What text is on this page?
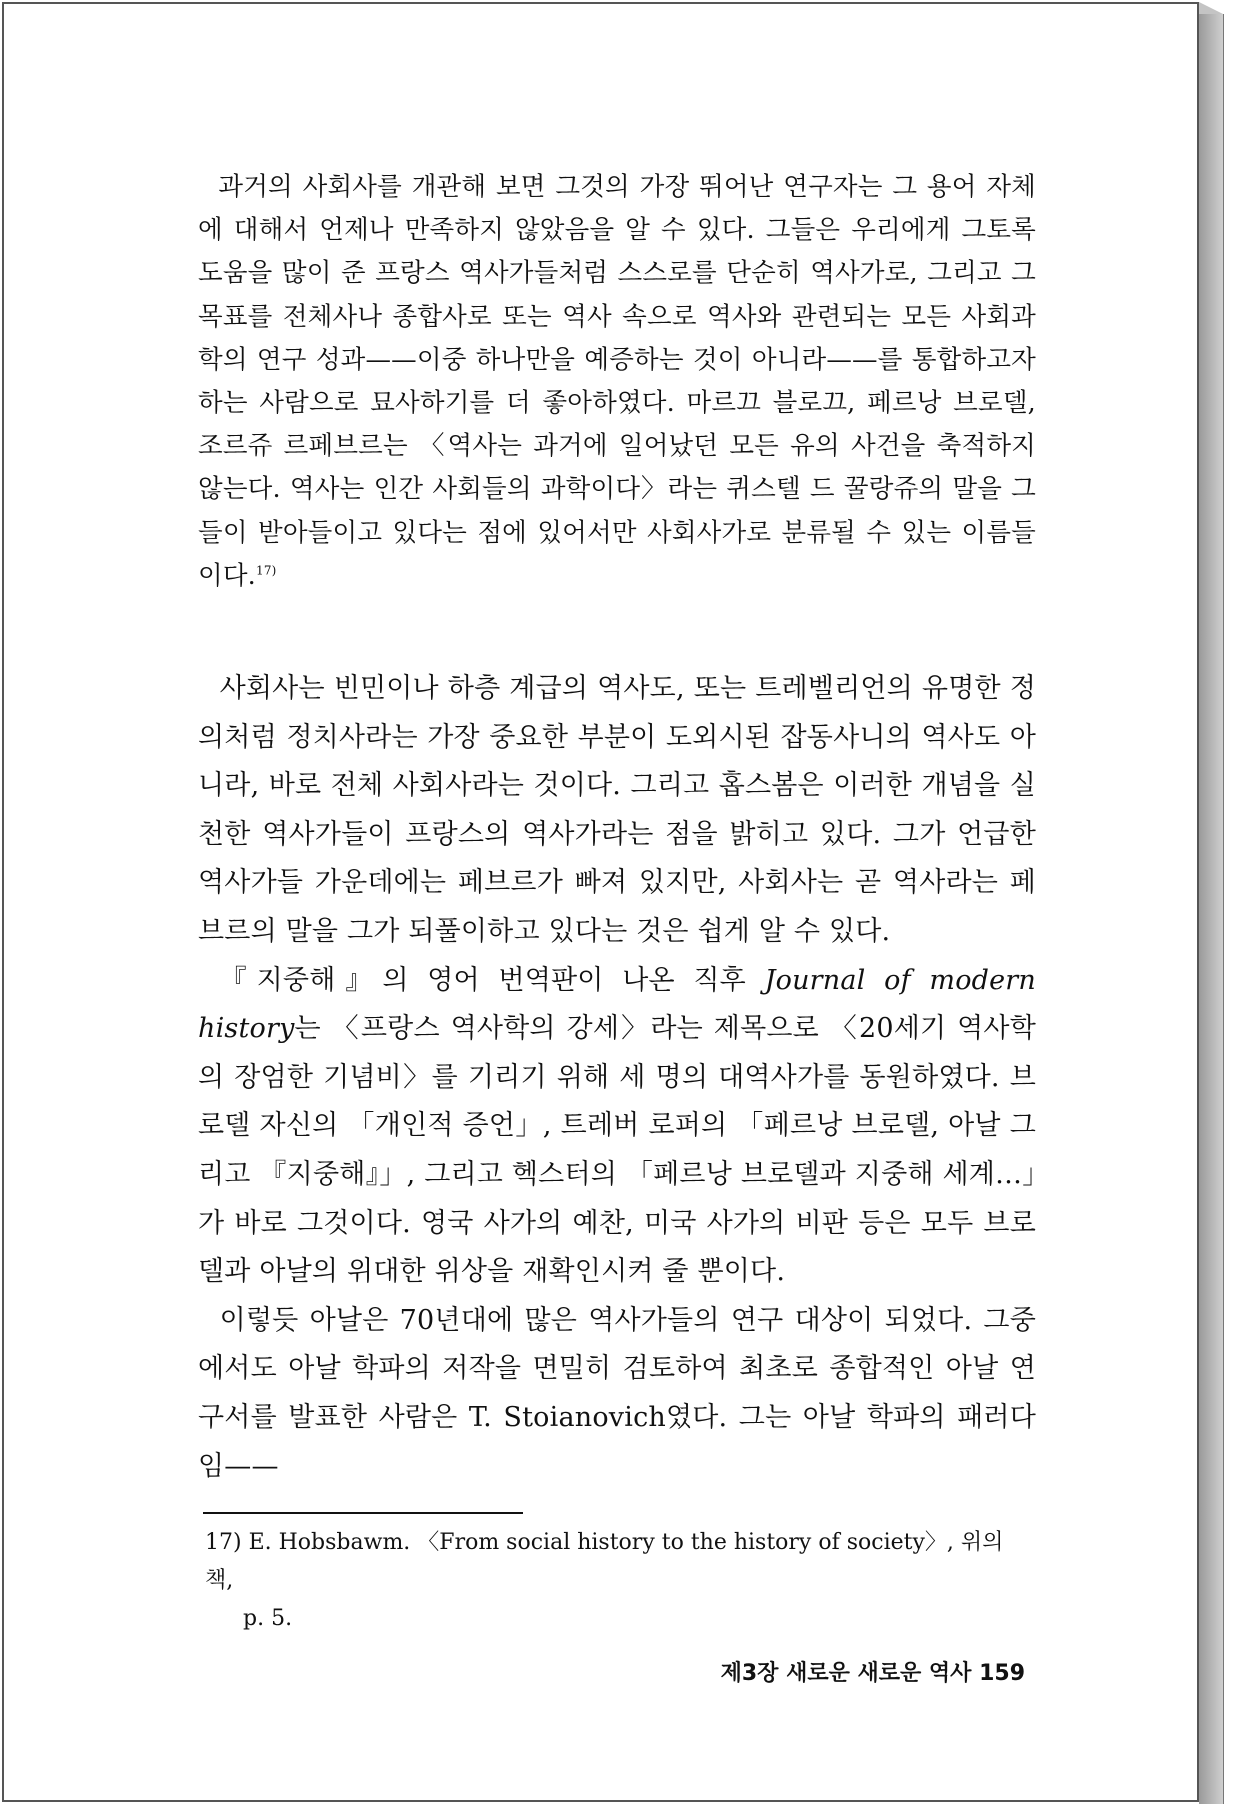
과거의 사회사를 개관해 보면 그것의 가장 뛰어난 연구자는 그 용어 자체에 대해서 언제나 만족하지 않았음을 알 수 있다. 그들은 우리에게 그토록 도움을 많이 준 프랑스 역사가들처럼 스스로를 단순히 역사가로, 그리고 그 목표를 전체사나 종합사로 또는 역사 속으로 역사와 관련되는 모든 사회과학의 연구 성과——이중 하나만을 예증하는 것이 아니라——를 통합하고자 하는 사람으로 묘사하기를 더 좋아하였다. 마르끄 블로끄, 페르낭 브로델, 조르쥬 르페브르는 〈역사는 과거에 일어났던 모든 유의 사건을 축적하지 않는다. 역사는 인간 사회들의 과학이다〉라는 퀴스텔 드 꿀랑쥬의 말을 그들이 받아들이고 있다는 점에 있어서만 사회사가로 분류될 수 있는 이름들이다.$^{17)}$

사회사는 빈민이나 하층 계급의 역사도, 또는 트레벨리언의 유명한 정의처럼 정치사라는 가장 중요한 부분이 도외시된 잡동사니의 역사도 아니라, 바로 전체 사회사라는 것이다. 그리고 홉스봄은 이러한 개념을 실천한 역사가들이 프랑스의 역사가라는 점을 밝히고 있다. 그가 언급한 역사가들 가운데에는 페브르가 빠져 있지만, 사회사는 곧 역사라는 페브르의 말을 그가 되풀이하고 있다는 것은 쉽게 알 수 있다.

『지중해』의 영어 번역판이 나온 직후 Journal of modern history는 〈프랑스 역사학의 강세〉라는 제목으로 〈20세기 역사학의 장엄한 기념비〉를 기리기 위해 세 명의 대역사가를 동원하였다. 브로델 자신의 「개인적 증언」, 트레버 로퍼의 「페르낭 브로델, 아날 그리고 『지중해』」, 그리고 헥스터의 「페르낭 브로델과 지중해 세계…」가 바로 그것이다. 영국 사가의 예찬, 미국 사가의 비판 등은 모두 브로델과 아날의 위대한 위상을 재확인시켜 줄 뿐이다.

이렇듯 아날은 70년대에 많은 역사가들의 연구 대상이 되었다. 그중에서도 아날 학파의 저작을 면밀히 검토하여 최초로 종합적인 아날 연구서를 발표한 사람은 T. Stoianovich였다. 그는 아날 학파의 패러다임——

17) E. Hobsbawm. 〈From social history to the history of society〉, 위의 책,
p. 5.
제3장 새로운 새로운 역사 159
